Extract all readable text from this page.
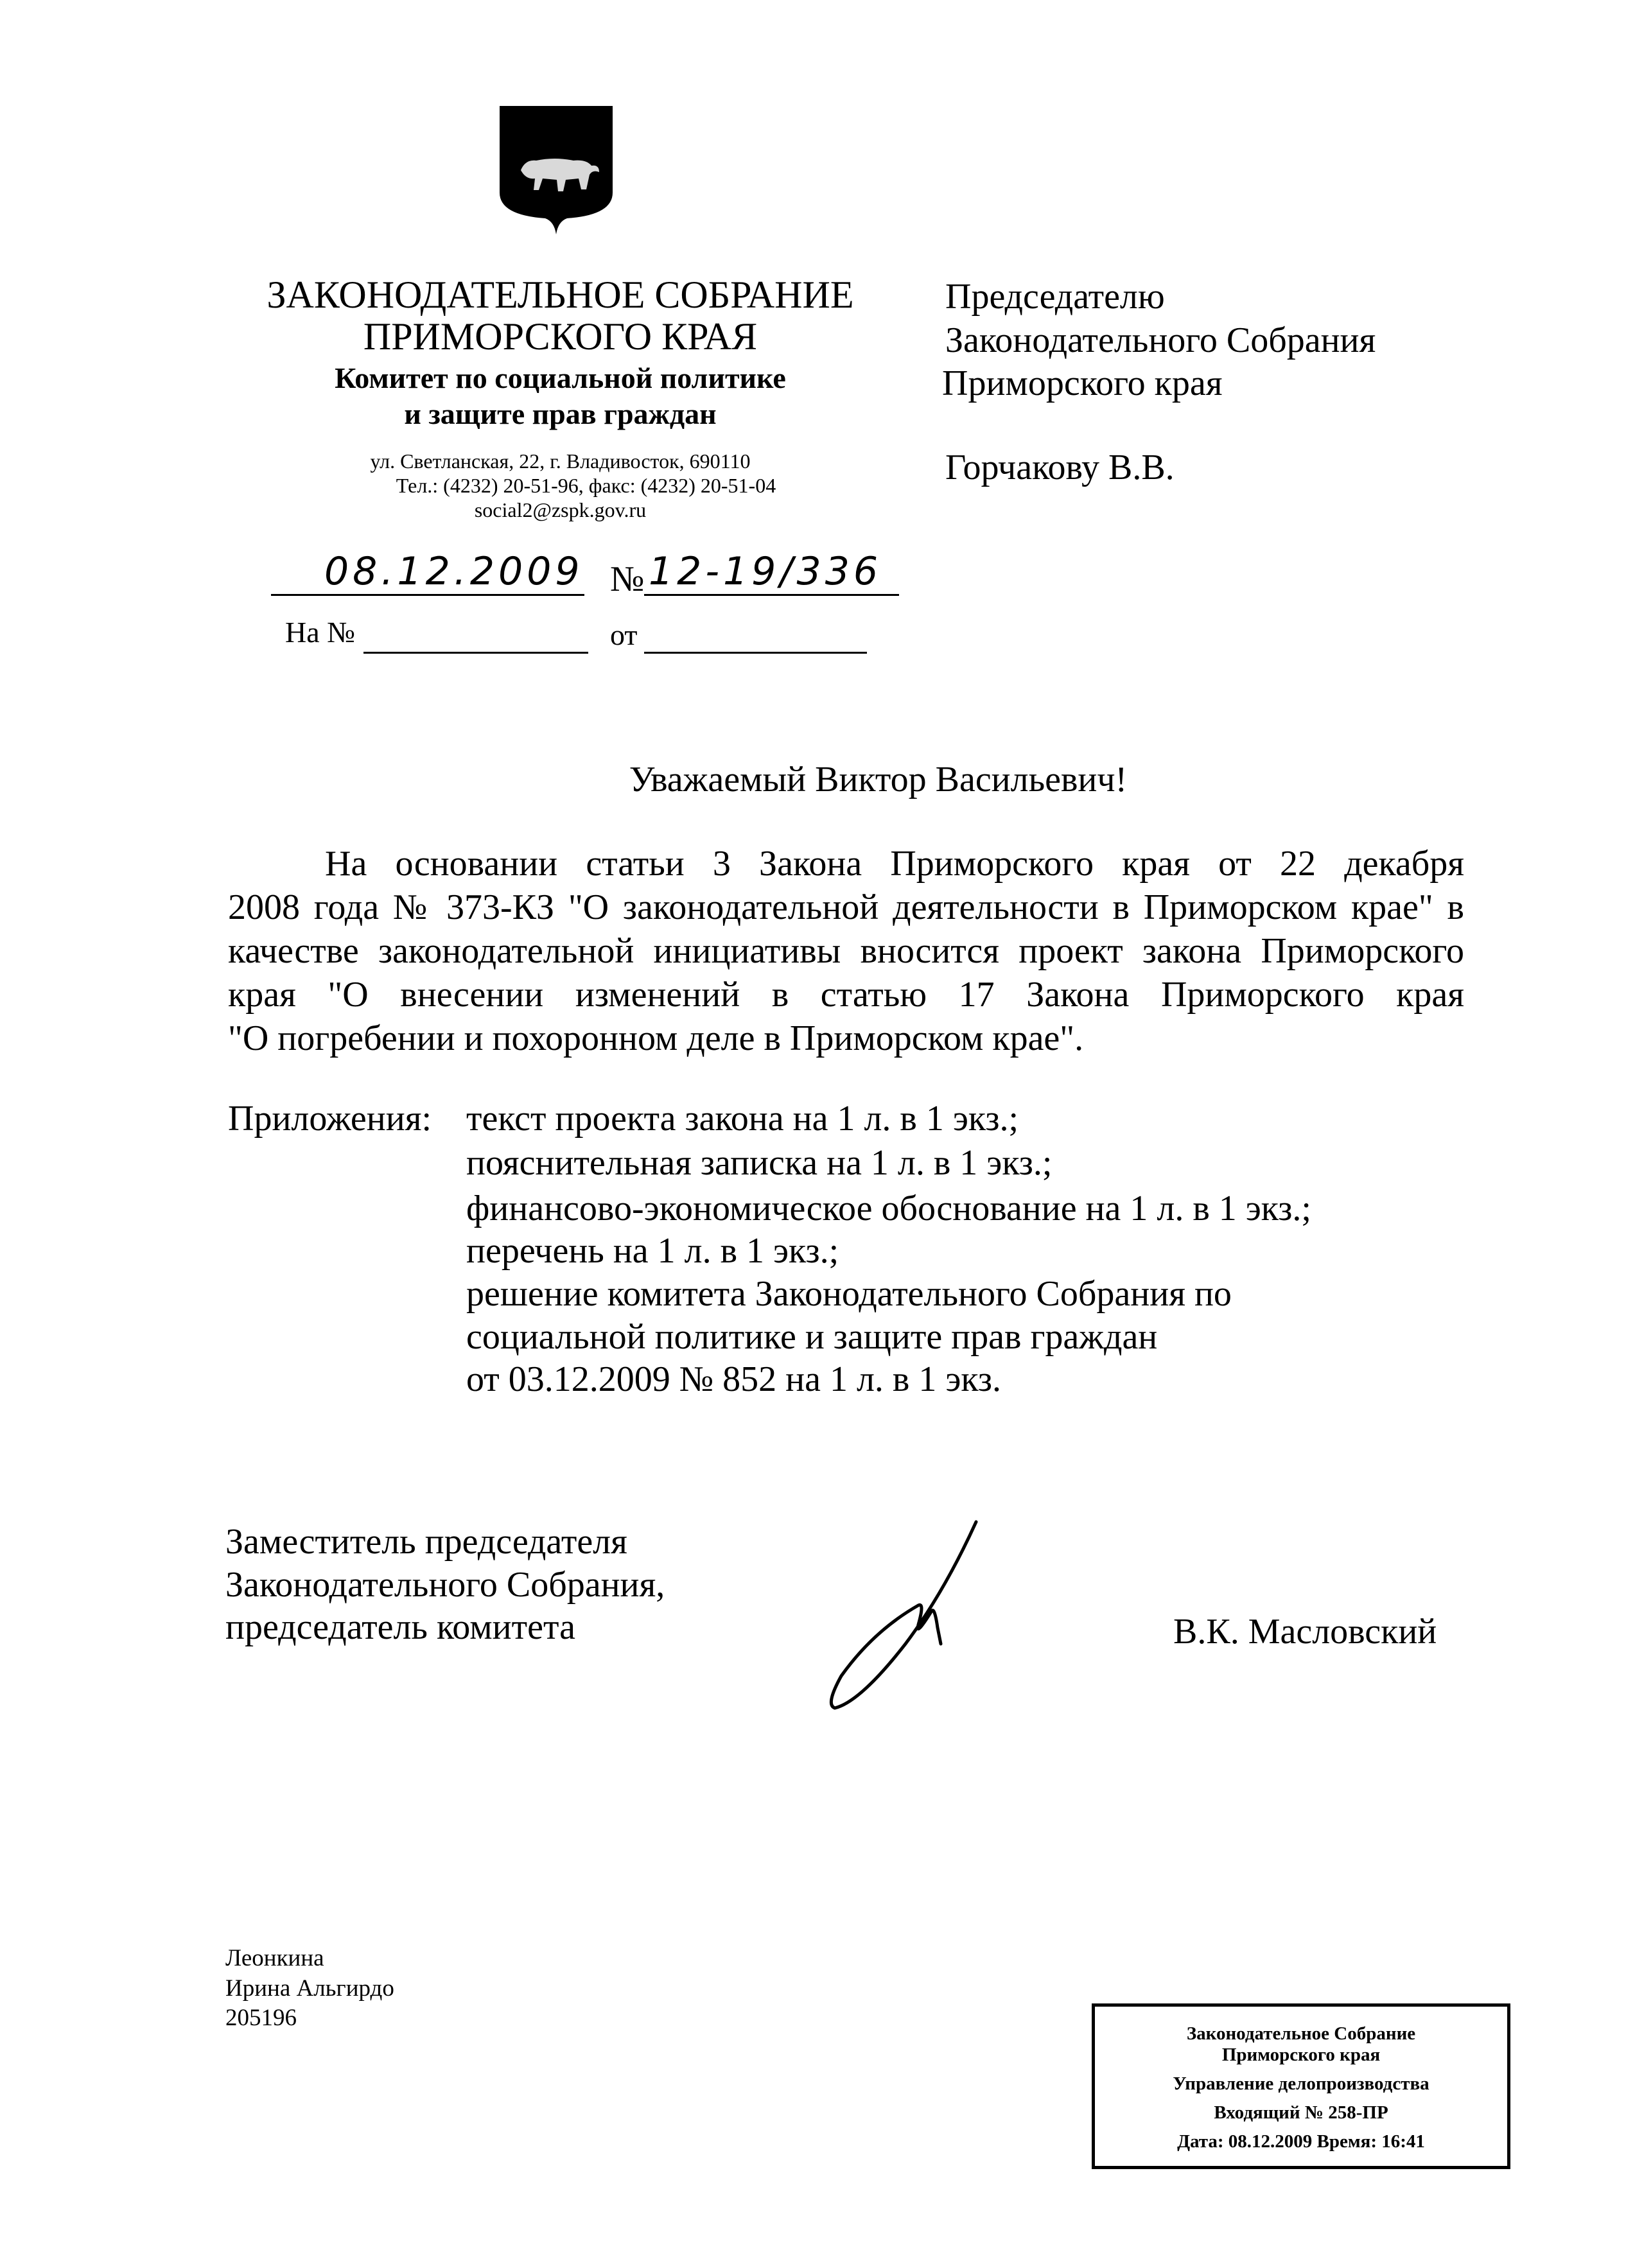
ЗАКОНОДАТЕЛЬНОЕ СОБРАНИЕ
ПРИМОРСКОГО КРАЯ
Комитет по социальной политике
и защите прав граждан
ул. Светланская, 22, г. Владивосток, 690110
Тел.: (4232) 20-51-96, факс: (4232) 20-51-04
social2@zspk.gov.ru
08.12.2009 № 12-19/336
На №	от
Председателю
Законодательного Собрания
Приморского края
Горчакову В.В.
Уважаемый Виктор Васильевич!
На основании статьи 3 Закона Приморского края от 22 декабря
2008 года № 373-КЗ "О законодательной деятельности в Приморском крае" в
качестве законодательной инициативы вносится проект закона Приморского
края "О внесении изменений в статью 17 Закона Приморского края
"О погребении и похоронном деле в Приморском крае".
Приложения: текст проекта закона на 1 л. в 1 экз.;
пояснительная записка на 1 л. в 1 экз.;
финансово-экономическое обоснование на 1 л. в 1 экз.;
перечень на 1 л. в 1 экз.;
решение комитета Законодательного Собрания по
социальной политике и защите прав граждан
от 03.12.2009 № 852 на 1 л. в 1 экз.
Заместитель председателя
Законодательного Собрания,
председатель комитета	В.К. Масловский
Леонкина
Ирина Альгирдо
205196
Законодательное Собрание
Приморского края
Управление делопроизводства
Входящий № 258-ПР
Дата: 08.12.2009 Время: 16:41
